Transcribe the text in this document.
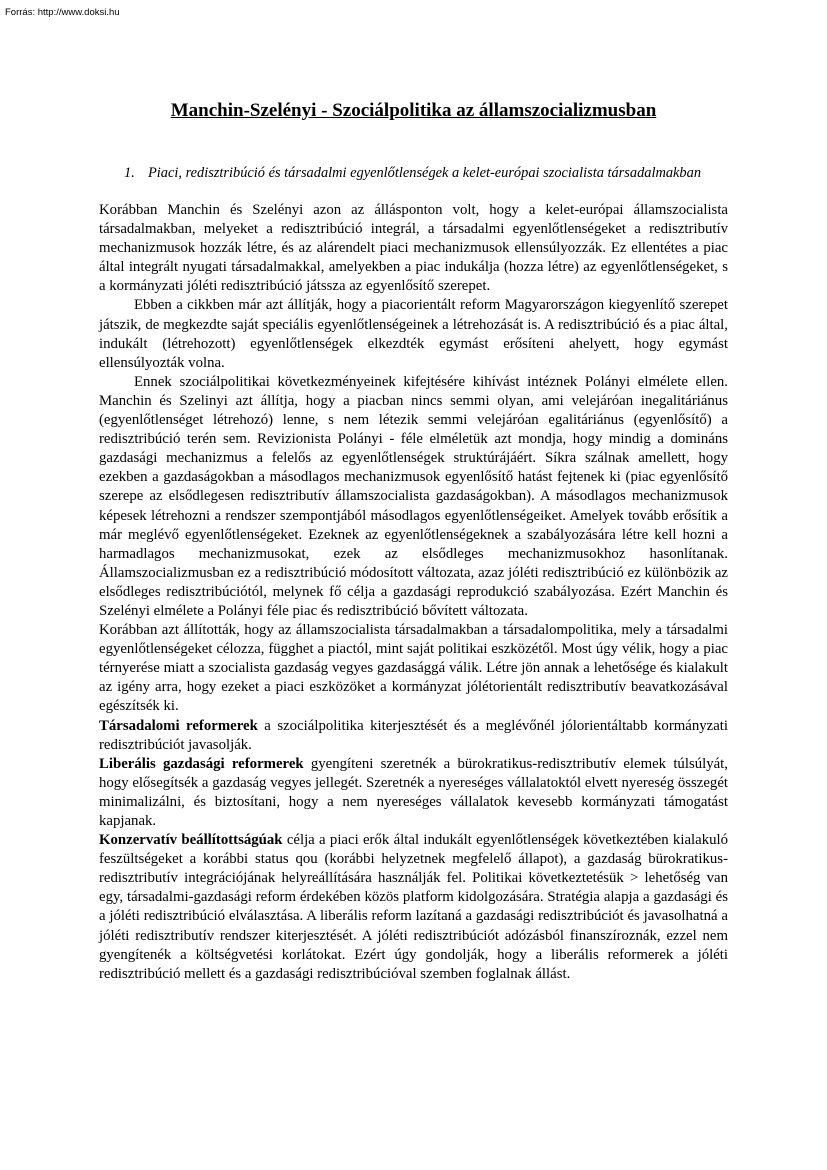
Forrás: http://www.doksi.hu
Manchin-Szelényi - Szociálpolitika az államszocializmusban
1. Piaci, redisztribúció és társadalmi egyenlőtlenségek a kelet-európai szocialista társadalmakban

Korábban Manchin és Szelényi azon az állásponton volt, hogy a kelet-európai államszocialista társadalmakban, melyeket a redisztribúció integrál, a társadalmi egyenlőtlenségeket a redisztributív mechanizmusok hozzák létre, és az alárendelt piaci mechanizmusok ellensúlyozzák. Ez ellentétes a piac által integrált nyugati társadalmakkal, amelyekben a piac indukálja (hozza létre) az egyenlőtlenségeket, s a kormányzati jóléti redisztribúció játssza az egyenlősítő szerepet.

Ebben a cikkben már azt állítják, hogy a piacorientált reform Magyarországon kiegyenlítő szerepet játszik, de megkezdte saját speciális egyenlőtlenségeinek a létrehozását is. A redisztribúció és a piac által, indukált (létrehozott) egyenlőtlenségek elkezdték egymást erősíteni ahelyett, hogy egymást ellensúlyozták volna.

Ennek szociálpolitikai következményeinek kifejtésére kihívást intéznek Polányi elmélete ellen. Manchin és Szelinyi azt állítja, hogy a piacban nincs semmi olyan, ami velejáróan inegalitáriánus (egyenlőtlenséget létrehozó) lenne, s nem létezik semmi velejáróan egalitáriánus (egyenlősítő) a redisztribúció terén sem. Revizionista Polányi - féle elméletük azt mondja, hogy mindig a domináns gazdasági mechanizmus a felelős az egyenlőtlenségek struktúrájáért. Síkra szálnak amellett, hogy ezekben a gazdaságokban a másodlagos mechanizmusok egyenlősítő hatást fejtenek ki (piac egyenlősítő szerepe az elsődlegesen redisztributív államszocialista gazdaságokban). A másodlagos mechanizmusok képesek létrehozni a rendszer szempontjából másodlagos egyenlőtlenségeiket. Amelyek tovább erősítik a már meglévő egyenlőtlenségeket. Ezeknek az egyenlőtlenségeknek a szabályozására létre kell hozni a harmadlagos mechanizmusokat, ezek az elsődleges mechanizmusokhoz hasonlítanak. Államszocializmusban ez a redisztribúció módosított változata, azaz jóléti redisztribúció ez különbözik az elsődleges redisztribúciótól, melynek fő célja a gazdasági reprodukció szabályozása. Ezért Manchin és Szelényi elmélete a Polányi féle piac és redisztribúció bővített változata.

Korábban azt állították, hogy az államszocialista társadalmakban a társadalompolitika, mely a társadalmi egyenlőtlenségeket célozza, függhet a piactól, mint saját politikai eszközétől. Most úgy vélik, hogy a piac térnyerése miatt a szocialista gazdaság vegyes gazdasággá válik. Létre jön annak a lehetősége és kialakult az igény arra, hogy ezeket a piaci eszközöket a kormányzat jólétorientált redisztributív beavatkozásával egészítsék ki.

Társadalomi reformerek a szociálpolitika kiterjesztését és a meglévőnél jólorientáltabb kormányzati redisztribúciót javasolják.

Liberális gazdasági reformerek gyengíteni szeretnék a bürokratikus-redisztributív elemek túlsúlyát, hogy elősegítsék a gazdaság vegyes jellegét. Szeretnék a nyereséges vállalatoktól elvett nyereség összegét minimalizálni, és biztosítani, hogy a nem nyereséges vállalatok kevesebb kormányzati támogatást kapjanak.

Konzervatív beállítottságúak célja a piaci erők által indukált egyenlőtlenségek következtében kialakuló feszültségeket a korábbi status qou (korábbi helyzetnek megfelelő állapot), a gazdaság bürokratikus-redisztributív integrációjának helyreállítására használják fel. Politikai következtetésük > lehetőség van egy, társadalmi-gazdasági reform érdekében közös platform kidolgozására. Stratégia alapja a gazdasági és a jóléti redisztribúció elválasztása. A liberális reform lazítaná a gazdasági redisztribúciót és javasolhatná a jóléti redisztributív rendszer kiterjesztését. A jóléti redisztribúciót adózásból finanszíroznák, ezzel nem gyengítenék a költségvetési korlátokat. Ezért úgy gondolják, hogy a liberális reformerek a jóléti redisztribúció mellett és a gazdasági redisztribúcióval szemben foglalnak állást.
